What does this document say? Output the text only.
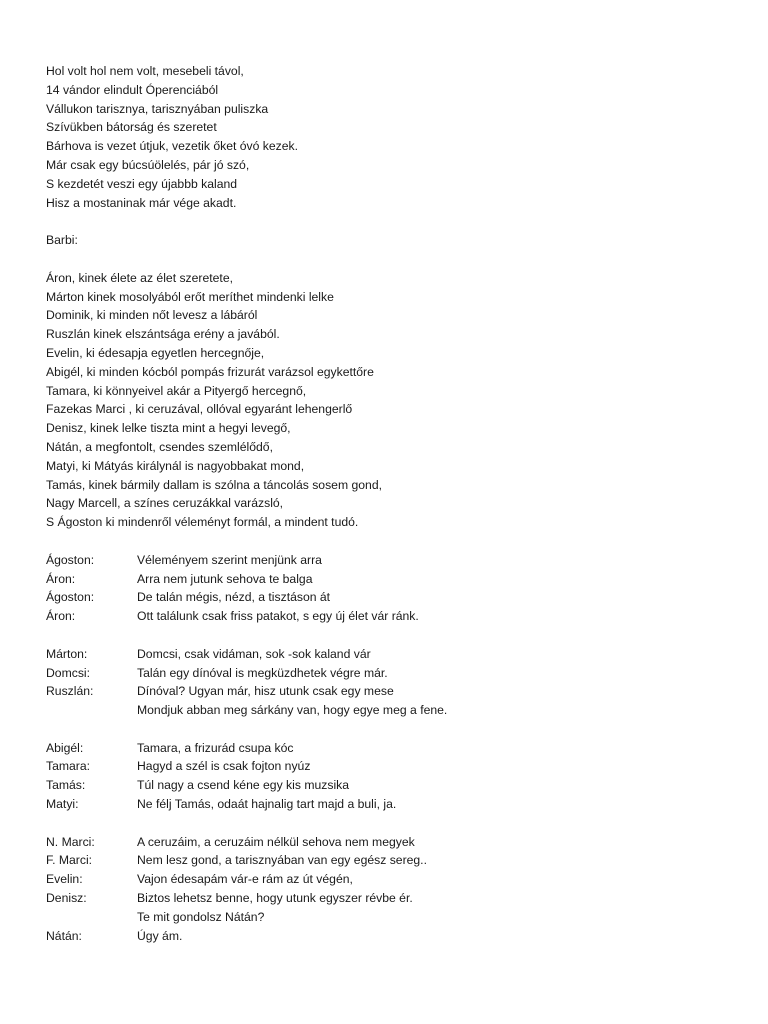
Hol volt hol nem volt, mesebeli távol,
14 vándor elindult Óperenciából
Vállukon tarisznya, tarisznyában puliszka
Szívükben bátorság és szeretet
Bárhova is vezet útjuk, vezetik őket óvó kezek.
Már csak egy búcsúölelés, pár jó szó,
S kezdetét veszi egy újabbb kaland
Hisz a mostaninak már vége akadt.
Barbi:
Áron, kinek élete az élet szeretete,
Márton kinek mosolyából erőt meríthet mindenki lelke
Dominik, ki minden nőt levesz a lábáról
Ruszlán kinek elszántsága erény a javából.
Evelin, ki édesapja egyetlen hercegnője,
Abigél, ki minden kócból pompás frizurát varázsol egykettőre
Tamara, ki könnyeivel akár a Pityergő hercegnő,
Fazekas Marci , ki ceruzával, ollóval egyaránt lehengerlő
Denisz, kinek lelke tiszta mint a hegyi levegő,
Nátán, a megfontolt, csendes szemlélődő,
Matyi, ki Mátyás királynál is nagyobbakat mond,
Tamás, kinek bármily dallam is szólna a táncolás sosem gond,
Nagy Marcell, a színes ceruzákkal varázsló,
S Ágoston ki mindenről véleményt formál, a mindent tudó.
Ágoston:	Véleményem szerint menjünk arra
Áron:	Arra nem jutunk sehova te balga
Ágoston:	De talán mégis, nézd, a tisztáson át
Áron:	Ott találunk csak friss patakot, s egy új élet vár ránk.
Márton:	Domcsi, csak vidáman, sok -sok kaland vár
Domcsi:	Talán egy dínóval is megküzdhetek végre már.
Ruszlán:	Dínóval? Ugyan már, hisz utunk csak egy mese
Mondjuk abban meg sárkány van, hogy egye meg a fene.
Abigél:	Tamara, a frizurád csupa kóc
Tamara:	Hagyd a szél is csak fojton nyúz
Tamás:	Túl nagy a csend kéne egy kis muzsika
Matyi:	Ne félj Tamás, odaát hajnalig tart majd a buli, ja.
N. Marci:	A ceruzáim, a ceruzáim nélkül sehova nem megyek
F. Marci:	Nem lesz gond, a tarisznyában van egy egész sereg..
Evelin:	Vajon édesapám vár-e rám az út végén,
Denisz:	Biztos lehetsz benne, hogy utunk egyszer révbe ér.
Te mit gondolsz Nátán?
Nátán:	Úgy ám.
